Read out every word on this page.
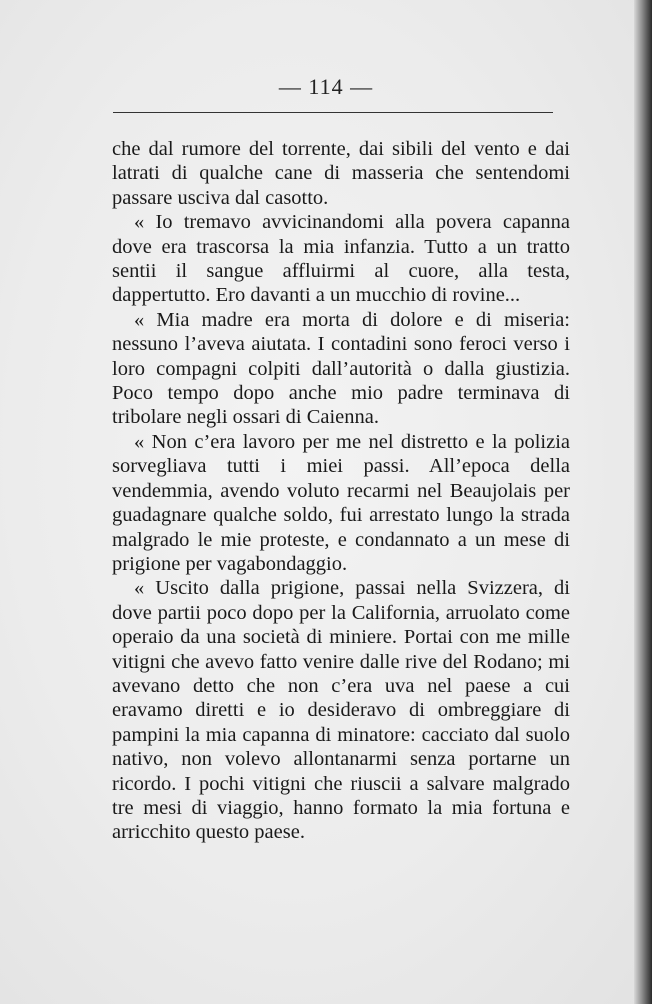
— 114 —

che dal rumore del torrente, dai sibili del vento e dai latrati di qualche cane di masseria che sentendomi passare usciva dal casotto.

« Io tremavo avvicinandomi alla povera capanna dove era trascorsa la mia infanzia. Tutto a un tratto sentii il sangue affluirmi al cuore, alla testa, dappertutto. Ero davanti a un mucchio di rovine...

« Mia madre era morta di dolore e di miseria: nessuno l’aveva aiutata. I contadini sono feroci verso i loro compagni colpiti dall’autorità o dalla giustizia. Poco tempo dopo anche mio padre terminava di tribolare negli ossari di Caienna.

« Non c’era lavoro per me nel distretto e la polizia sorvegliava tutti i miei passi. All’epoca della vendemmia, avendo voluto recarmi nel Beaujolais per guadagnare qualche soldo, fui arrestato lungo la strada malgrado le mie proteste, e condannato a un mese di prigione per vagabondaggio.

« Uscito dalla prigione, passai nella Svizzera, di dove partii poco dopo per la California, arruolato come operaio da una società di miniere. Portai con me mille vitigni che avevo fatto venire dalle rive del Rodano; mi avevano detto che non c’era uva nel paese a cui eravamo diretti e io desideravo di ombreggiare di pampini la mia capanna di minatore: cacciato dal suolo nativo, non volevo allontanarmi senza portarne un ricordo. I pochi vitigni che riuscii a salvare malgrado tre mesi di viaggio, hanno formato la mia fortuna e arricchito questo paese.
